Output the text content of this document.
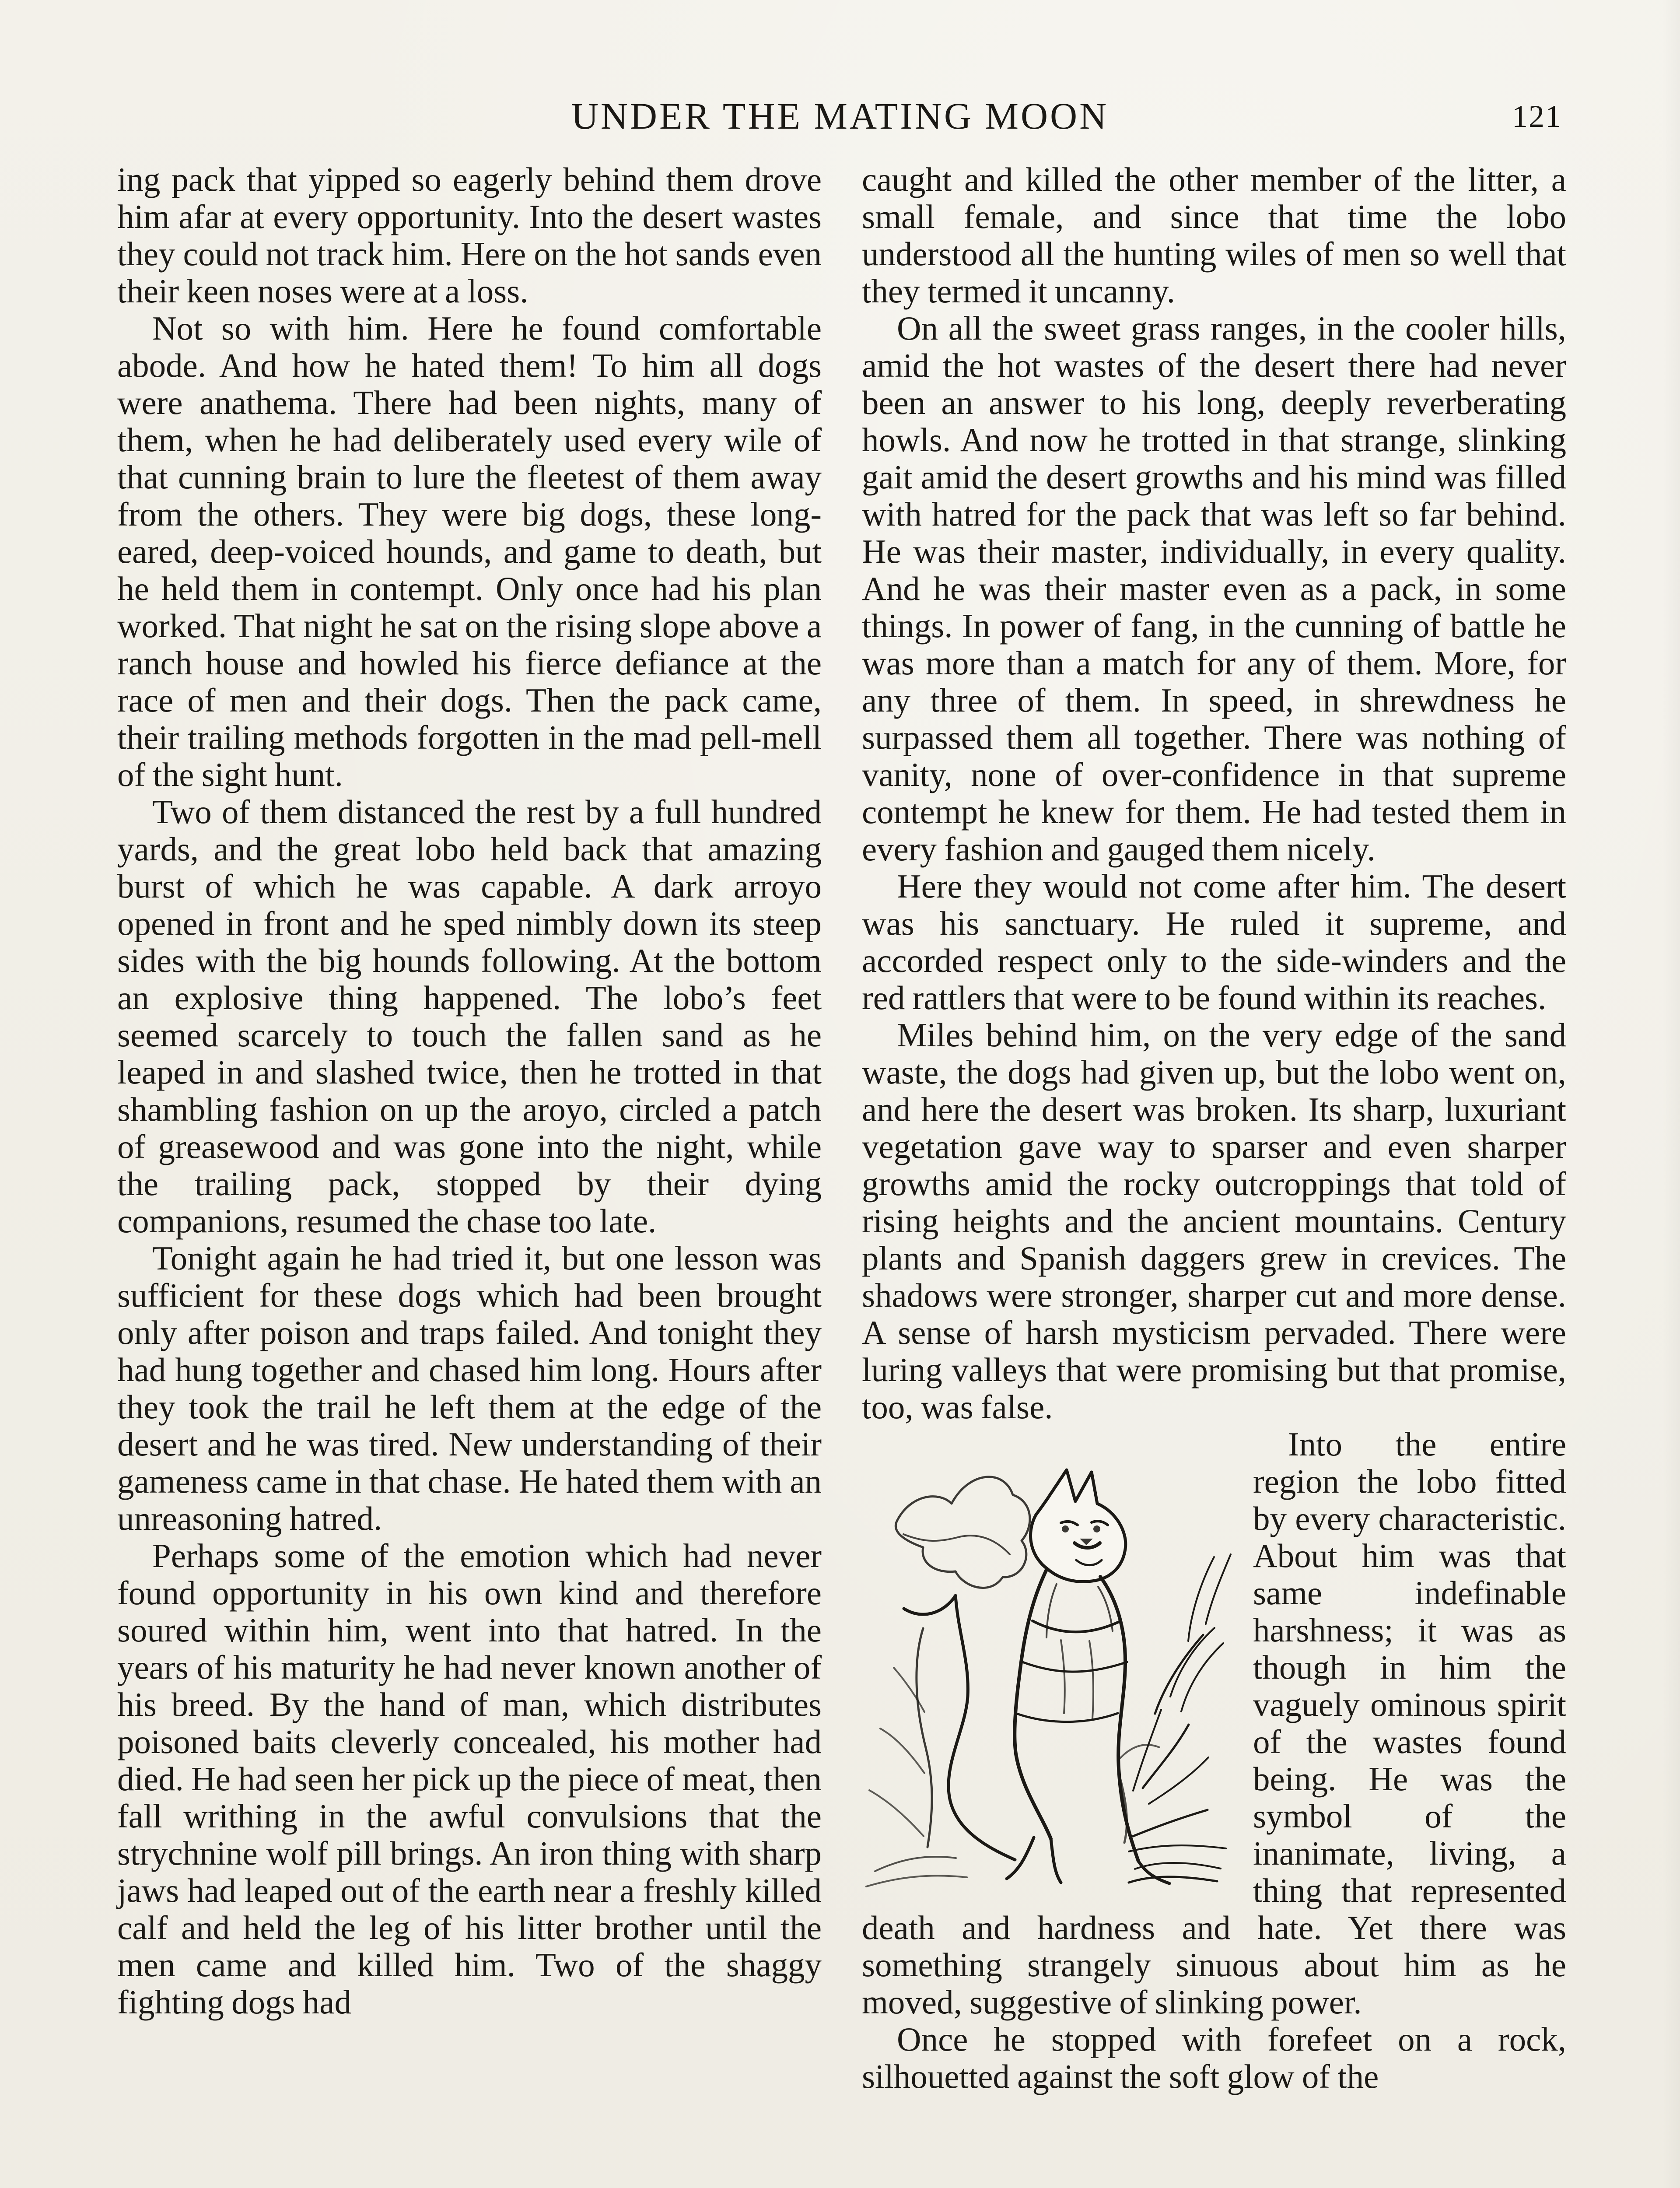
UNDER THE MATING MOON	121

ing pack that yipped so eagerly behind them drove him afar at every opportunity. Into the desert wastes they could not track him. Here on the hot sands even their keen noses were at a loss.

Not so with him. Here he found comfortable abode. And how he hated them! To him all dogs were anathema. There had been nights, many of them, when he had deliberately used every wile of that cunning brain to lure the fleetest of them away from the others. They were big dogs, these long-eared, deep-voiced hounds, and game to death, but he held them in contempt. Only once had his plan worked. That night he sat on the rising slope above a ranch house and howled his fierce defiance at the race of men and their dogs. Then the pack came, their trailing methods forgotten in the mad pell-mell of the sight hunt.

Two of them distanced the rest by a full hundred yards, and the great lobo held back that amazing burst of which he was capable. A dark arroyo opened in front and he sped nimbly down its steep sides with the big hounds following. At the bottom an explosive thing happened. The lobo’s feet seemed scarcely to touch the fallen sand as he leaped in and slashed twice, then he trotted in that shambling fashion on up the aroyo, circled a patch of greasewood and was gone into the night, while the trailing pack, stopped by their dying companions, resumed the chase too late.

Tonight again he had tried it, but one lesson was sufficient for these dogs which had been brought only after poison and traps failed. And tonight they had hung together and chased him long. Hours after they took the trail he left them at the edge of the desert and he was tired. New understanding of their gameness came in that chase. He hated them with an unreasoning hatred.

Perhaps some of the emotion which had never found opportunity in his own kind and therefore soured within him, went into that hatred. In the years of his maturity he had never known another of his breed. By the hand of man, which distributes poisoned baits cleverly concealed, his mother had died. He had seen her pick up the piece of meat, then fall writhing in the awful convulsions that the strychnine wolf pill brings. An iron thing with sharp jaws had leaped out of the earth near a freshly killed calf and held the leg of his litter brother until the men came and killed him. Two of the shaggy fighting dogs had

caught and killed the other member of the litter, a small female, and since that time the lobo understood all the hunting wiles of men so well that they termed it uncanny.

On all the sweet grass ranges, in the cooler hills, amid the hot wastes of the desert there had never been an answer to his long, deeply reverberating howls. And now he trotted in that strange, slinking gait amid the desert growths and his mind was filled with hatred for the pack that was left so far behind. He was their master, individually, in every quality. And he was their master even as a pack, in some things. In power of fang, in the cunning of battle he was more than a match for any of them. More, for any three of them. In speed, in shrewdness he surpassed them all together. There was nothing of vanity, none of over-confidence in that supreme contempt he knew for them. He had tested them in every fashion and gauged them nicely.

Here they would not come after him. The desert was his sanctuary. He ruled it supreme, and accorded respect only to the side-winders and the red rattlers that were to be found within its reaches.

Miles behind him, on the very edge of the sand waste, the dogs had given up, but the lobo went on, and here the desert was broken. Its sharp, luxuriant vegetation gave way to sparser and even sharper growths amid the rocky outcroppings that told of rising heights and the ancient mountains. Century plants and Spanish daggers grew in crevices. The shadows were stronger, sharper cut and more dense. A sense of harsh mysticism pervaded. There were luring valleys that were promising but that promise, too, was false.

Into the entire region the lobo fitted by every characteristic. About him was that same indefinable harshness; it was as though in him the vaguely ominous spirit of the wastes found being. He was the symbol of the inanimate, living, a thing that represented death and hardness and hate. Yet there was something strangely sinuous about him as he moved, suggestive of slinking power.

Once he stopped with forefeet on a rock, silhouetted against the soft glow of the
